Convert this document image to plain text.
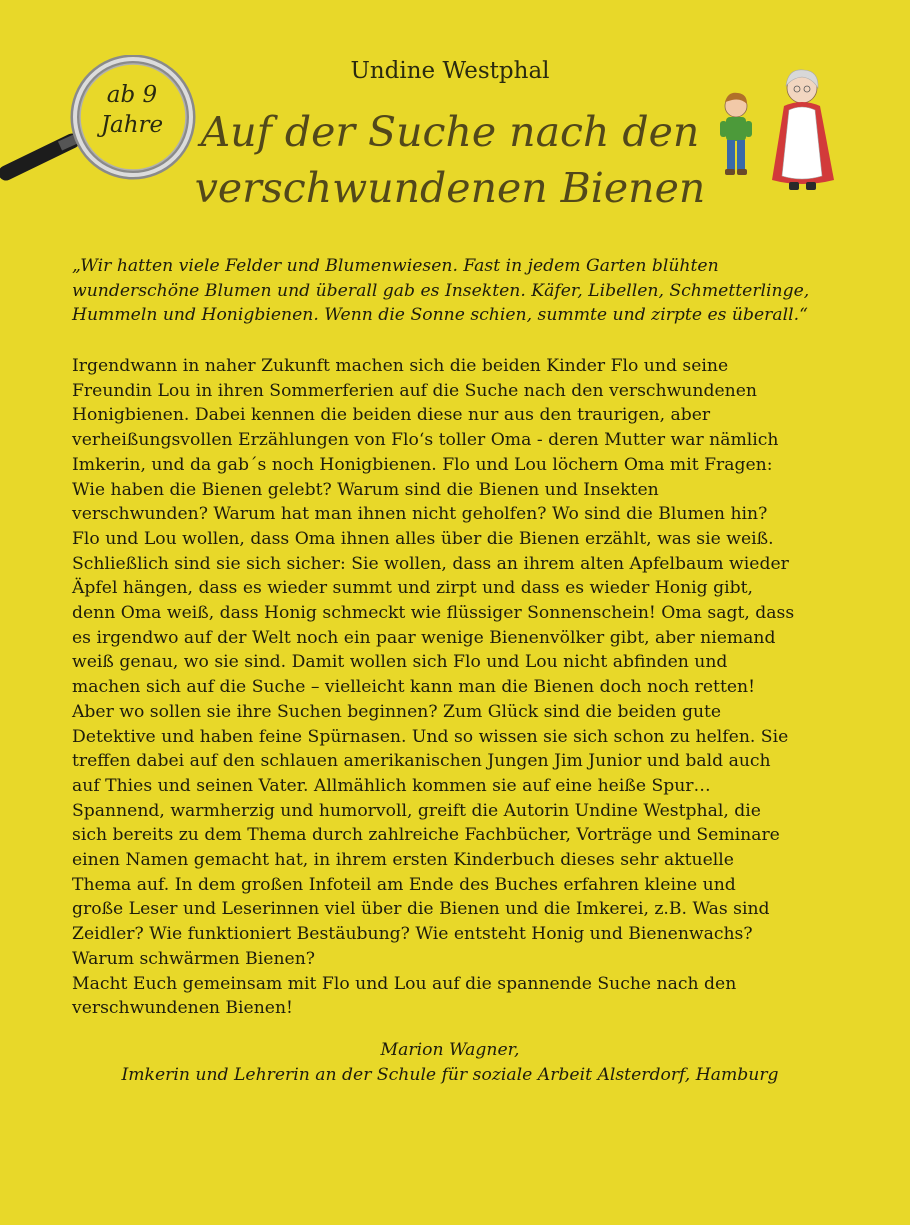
ab 9
Jahre
Undine Westphal
Auf der Suche nach den
verschwundenen Bienen
„Wir hatten viele Felder und Blumenwiesen. Fast in jedem Garten blühten
wunderschöne Blumen und überall gab es Insekten. Käfer, Libellen, Schmetterlinge,
Hummeln und Honigbienen. Wenn die Sonne schien, summte und zirpte es überall.“
Irgendwann in naher Zukunft machen sich die beiden Kinder Flo und seine
Freundin Lou in ihren Sommerferien auf die Suche nach den verschwundenen
Honigbienen. Dabei kennen die beiden diese nur aus den traurigen, aber
verheißungsvollen Erzählungen von Flo‘s toller Oma - deren Mutter war nämlich
Imkerin, und da gab´s noch Honigbienen. Flo und Lou löchern Oma mit Fragen:
Wie haben die Bienen gelebt? Warum sind die Bienen und Insekten
verschwunden? Warum hat man ihnen nicht geholfen? Wo sind die Blumen hin?
Flo und Lou wollen, dass Oma ihnen alles über die Bienen erzählt, was sie weiß.
Schließlich sind sie sich sicher: Sie wollen, dass an ihrem alten Apfelbaum wieder
Äpfel hängen, dass es wieder summt und zirpt und dass es wieder Honig gibt,
denn Oma weiß, dass Honig schmeckt wie flüssiger Sonnenschein! Oma sagt, dass
es irgendwo auf der Welt noch ein paar wenige Bienenvölker gibt, aber niemand
weiß genau, wo sie sind. Damit wollen sich Flo und Lou nicht abfinden und
machen sich auf die Suche – vielleicht kann man die Bienen doch noch retten!
Aber wo sollen sie ihre Suchen beginnen? Zum Glück sind die beiden gute
Detektive und haben feine Spürnasen. Und so wissen sie sich schon zu helfen. Sie
treffen dabei auf den schlauen amerikanischen Jungen Jim Junior und bald auch
auf Thies und seinen Vater. Allmählich kommen sie auf eine heiße Spur…
Spannend, warmherzig und humorvoll, greift die Autorin Undine Westphal, die
sich bereits zu dem Thema durch zahlreiche Fachbücher, Vorträge und Seminare
einen Namen gemacht hat, in ihrem ersten Kinderbuch dieses sehr aktuelle
Thema auf. In dem großen Infoteil am Ende des Buches erfahren kleine und
große Leser und Leserinnen viel über die Bienen und die Imkerei, z.B. Was sind
Zeidler? Wie funktioniert Bestäubung? Wie entsteht Honig und Bienenwachs?
Warum schwärmen Bienen?
Macht Euch gemeinsam mit Flo und Lou auf die spannende Suche nach den
verschwundenen Bienen!
Marion Wagner,
Imkerin und Lehrerin an der Schule für soziale Arbeit Alsterdorf, Hamburg
